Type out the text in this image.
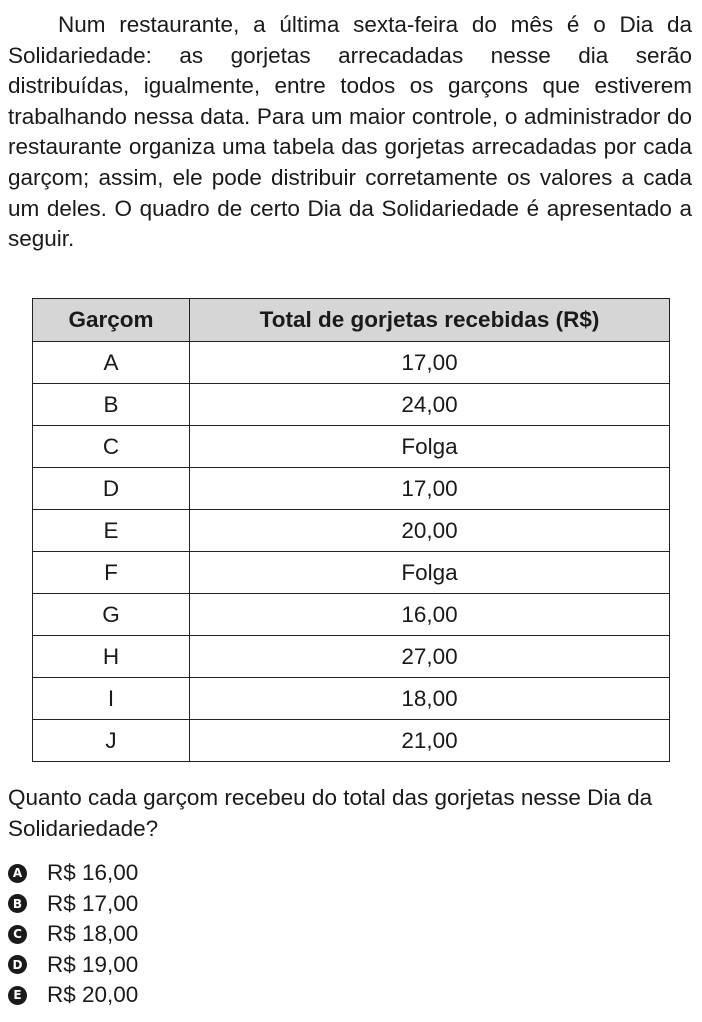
Num restaurante, a última sexta-feira do mês é o Dia da Solidariedade: as gorjetas arrecadadas nesse dia serão distribuídas, igualmente, entre todos os garçons que estiverem trabalhando nessa data. Para um maior controle, o administrador do restaurante organiza uma tabela das gorjetas arrecadadas por cada garçom; assim, ele pode distribuir corretamente os valores a cada um deles. O quadro de certo Dia da Solidariedade é apresentado a seguir.

Garçom	Total de gorjetas recebidas (R$)
A	17,00
B	24,00
C	Folga
D	17,00
E	20,00
F	Folga
G	16,00
H	27,00
I	18,00
J	21,00

Quanto cada garçom recebeu do total das gorjetas nesse Dia da Solidariedade?

A R$ 16,00
B R$ 17,00
C R$ 18,00
D R$ 19,00
E R$ 20,00
